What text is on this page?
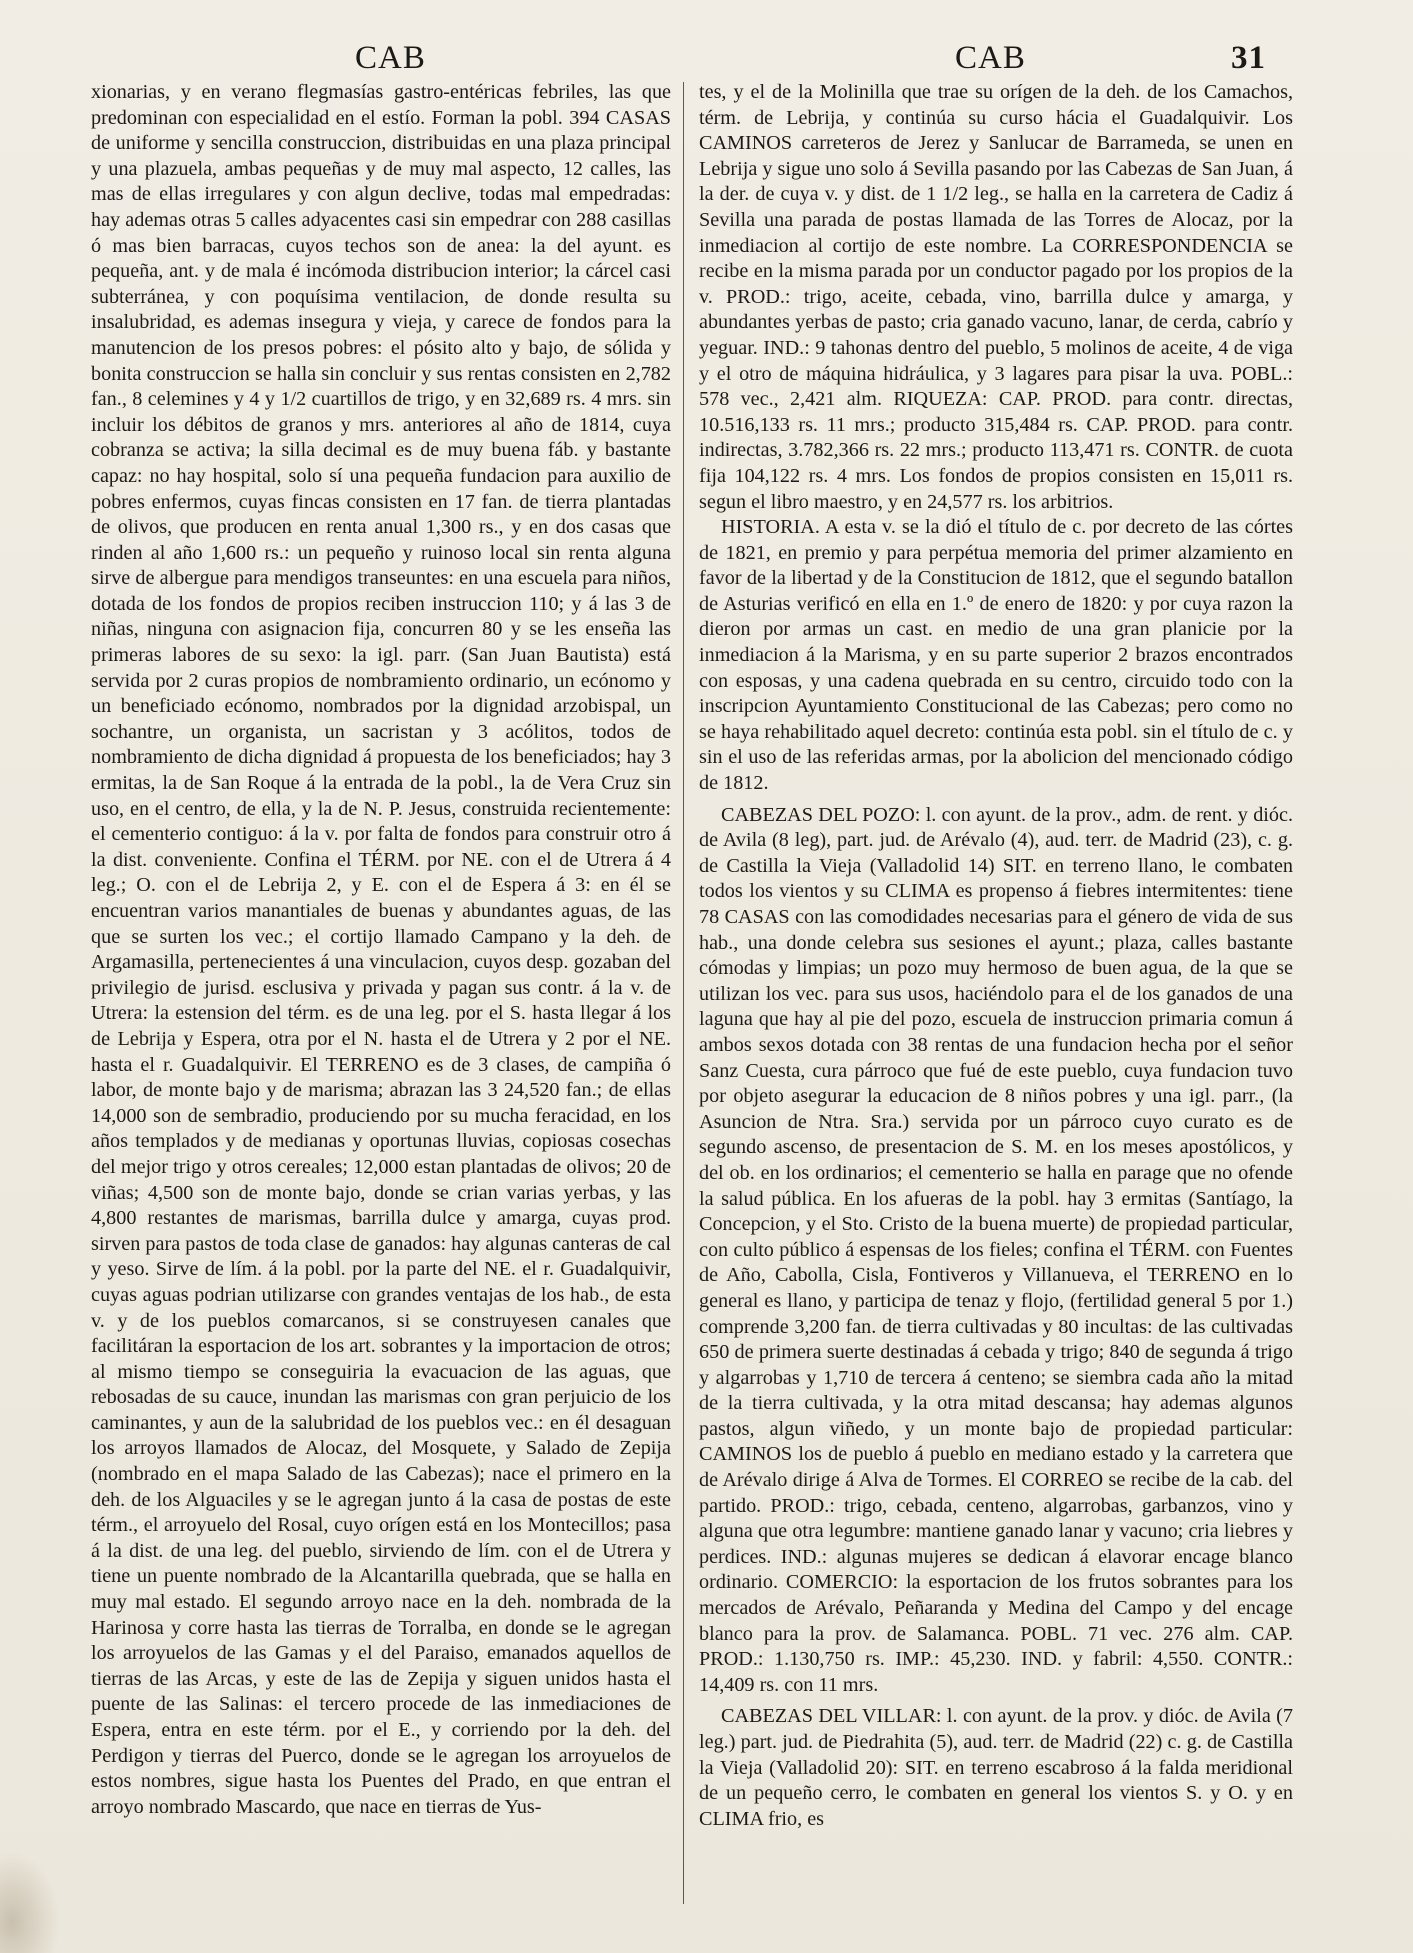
CAB	CAB	31

xionarias, y en verano flegmasías gastro-entéricas febriles, las que predominan con especialidad en el estío. Forman la pobl. 394 CASAS de uniforme y sencilla construccion, distribuidas en una plaza principal y una plazuela, ambas pequeñas y de muy mal aspecto, 12 calles, las mas de ellas irregulares y con algun declive, todas mal empedradas: hay ademas otras 5 calles adyacentes casi sin empedrar con 288 casillas ó mas bien barracas, cuyos techos son de anea: la del ayunt. es pequeña, ant. y de mala é incómoda distribucion interior; la cárcel casi subterránea, y con poquísima ventilacion, de donde resulta su insalubridad, es ademas insegura y vieja, y carece de fondos para la manutencion de los presos pobres: el pósito alto y bajo, de sólida y bonita construccion se halla sin concluir y sus rentas consisten en 2,782 fan., 8 celemines y 4 y 1/2 cuartillos de trigo, y en 32,689 rs. 4 mrs. sin incluir los débitos de granos y mrs. anteriores al año de 1814, cuya cobranza se activa; la silla decimal es de muy buena fáb. y bastante capaz: no hay hospital, solo sí una pequeña fundacion para auxilio de pobres enfermos, cuyas fincas consisten en 17 fan. de tierra plantadas de olivos, que producen en renta anual 1,300 rs., y en dos casas que rinden al año 1,600 rs.: un pequeño y ruinoso local sin renta alguna sirve de albergue para mendigos transeuntes: en una escuela para niños, dotada de los fondos de propios reciben instruccion 110; y á las 3 de niñas, ninguna con asignacion fija, concurren 80 y se les enseña las primeras labores de su sexo: la igl. parr. (San Juan Bautista) está servida por 2 curas propios de nombramiento ordinario, un ecónomo y un beneficiado ecónomo, nombrados por la dignidad arzobispal, un sochantre, un organista, un sacristan y 3 acólitos, todos de nombramiento de dicha dignidad á propuesta de los beneficiados; hay 3 ermitas, la de San Roque á la entrada de la pobl., la de Vera Cruz sin uso, en el centro, de ella, y la de N. P. Jesus, construida recientemente: el cementerio contiguo: á la v. por falta de fondos para construir otro á la dist. conveniente. Confina el TÉRM. por NE. con el de Utrera á 4 leg.; O. con el de Lebrija 2, y E. con el de Espera á 3: en él se encuentran varios manantiales de buenas y abundantes aguas, de las que se surten los vec.; el cortijo llamado Campano y la deh. de Argamasilla, pertenecientes á una vinculacion, cuyos desp. gozaban del privilegio de jurisd. esclusiva y privada y pagan sus contr. á la v. de Utrera: la estension del térm. es de una leg. por el S. hasta llegar á los de Lebrija y Espera, otra por el N. hasta el de Utrera y 2 por el NE. hasta el r. Guadalquivir. El TERRENO es de 3 clases, de campiña ó labor, de monte bajo y de marisma; abrazan las 3 24,520 fan.; de ellas 14,000 son de sembradio, produciendo por su mucha feracidad, en los años templados y de medianas y oportunas lluvias, copiosas cosechas del mejor trigo y otros cereales; 12,000 estan plantadas de olivos; 20 de viñas; 4,500 son de monte bajo, donde se crian varias yerbas, y las 4,800 restantes de marismas, barrilla dulce y amarga, cuyas prod. sirven para pastos de toda clase de ganados: hay algunas canteras de cal y yeso. Sirve de lím. á la pobl. por la parte del NE. el r. Guadalquivir, cuyas aguas podrian utilizarse con grandes ventajas de los hab., de esta v. y de los pueblos comarcanos, si se construyesen canales que facilitáran la esportacion de los art. sobrantes y la importacion de otros; al mismo tiempo se conseguiria la evacuacion de las aguas, que rebosadas de su cauce, inundan las marismas con gran perjuicio de los caminantes, y aun de la salubridad de los pueblos vec.: en él desaguan los arroyos llamados de Alocaz, del Mosquete, y Salado de Zepija (nombrado en el mapa Salado de las Cabezas); nace el primero en la deh. de los Alguaciles y se le agregan junto á la casa de postas de este térm., el arroyuelo del Rosal, cuyo orígen está en los Montecillos; pasa á la dist. de una leg. del pueblo, sirviendo de lím. con el de Utrera y tiene un puente nombrado de la Alcantarilla quebrada, que se halla en muy mal estado. El segundo arroyo nace en la deh. nombrada de la Harinosa y corre hasta las tierras de Torralba, en donde se le agregan los arroyuelos de las Gamas y el del Paraiso, emanados aquellos de tierras de las Arcas, y este de las de Zepija y siguen unidos hasta el puente de las Salinas: el tercero procede de las inmediaciones de Espera, entra en este térm. por el E., y corriendo por la deh. del Perdigon y tierras del Puerco, donde se le agregan los arroyuelos de estos nombres, sigue hasta los Puentes del Prado, en que entran el arroyo nombrado Mascardo, que nace en tierras de Yus-

tes, y el de la Molinilla que trae su orígen de la deh. de los Camachos, térm. de Lebrija, y continúa su curso hácia el Guadalquivir. Los CAMINOS carreteros de Jerez y Sanlucar de Barrameda, se unen en Lebrija y sigue uno solo á Sevilla pasando por las Cabezas de San Juan, á la der. de cuya v. y dist. de 1 1/2 leg., se halla en la carretera de Cadiz á Sevilla una parada de postas llamada de las Torres de Alocaz, por la inmediacion al cortijo de este nombre. La CORRESPONDENCIA se recibe en la misma parada por un conductor pagado por los propios de la v. PROD.: trigo, aceite, cebada, vino, barrilla dulce y amarga, y abundantes yerbas de pasto; cria ganado vacuno, lanar, de cerda, cabrío y yeguar. IND.: 9 tahonas dentro del pueblo, 5 molinos de aceite, 4 de viga y el otro de máquina hidráulica, y 3 lagares para pisar la uva. POBL.: 578 vec., 2,421 alm. RIQUEZA: CAP. PROD. para contr. directas, 10.516,133 rs. 11 mrs.; producto 315,484 rs. CAP. PROD. para contr. indirectas, 3.782,366 rs. 22 mrs.; producto 113,471 rs. CONTR. de cuota fija 104,122 rs. 4 mrs. Los fondos de propios consisten en 15,011 rs. segun el libro maestro, y en 24,577 rs. los arbitrios.

HISTORIA. A esta v. se la dió el título de c. por decreto de las córtes de 1821, en premio y para perpétua memoria del primer alzamiento en favor de la libertad y de la Constitucion de 1812, que el segundo batallon de Asturias verificó en ella en 1.º de enero de 1820: y por cuya razon la dieron por armas un cast. en medio de una gran planicie por la inmediacion á la Marisma, y en su parte superior 2 brazos encontrados con esposas, y una cadena quebrada en su centro, circuido todo con la inscripcion Ayuntamiento Constitucional de las Cabezas; pero como no se haya rehabilitado aquel decreto: continúa esta pobl. sin el título de c. y sin el uso de las referidas armas, por la abolicion del mencionado código de 1812.

CABEZAS DEL POZO: l. con ayunt. de la prov., adm. de rent. y dióc. de Avila (8 leg), part. jud. de Arévalo (4), aud. terr. de Madrid (23), c. g. de Castilla la Vieja (Valladolid 14) SIT. en terreno llano, le combaten todos los vientos y su CLIMA es propenso á fiebres intermitentes: tiene 78 CASAS con las comodidades necesarias para el género de vida de sus hab., una donde celebra sus sesiones el ayunt.; plaza, calles bastante cómodas y limpias; un pozo muy hermoso de buen agua, de la que se utilizan los vec. para sus usos, haciéndolo para el de los ganados de una laguna que hay al pie del pozo, escuela de instruccion primaria comun á ambos sexos dotada con 38 rentas de una fundacion hecha por el señor Sanz Cuesta, cura párroco que fué de este pueblo, cuya fundacion tuvo por objeto asegurar la educacion de 8 niños pobres y una igl. parr., (la Asuncion de Ntra. Sra.) servida por un párroco cuyo curato es de segundo ascenso, de presentacion de S. M. en los meses apostólicos, y del ob. en los ordinarios; el cementerio se halla en parage que no ofende la salud pública. En los afueras de la pobl. hay 3 ermitas (Santíago, la Concepcion, y el Sto. Cristo de la buena muerte) de propiedad particular, con culto público á espensas de los fieles; confina el TÉRM. con Fuentes de Año, Cabolla, Cisla, Fontiveros y Villanueva, el TERRENO en lo general es llano, y participa de tenaz y flojo, (fertilidad general 5 por 1.) comprende 3,200 fan. de tierra cultivadas y 80 incultas: de las cultivadas 650 de primera suerte destinadas á cebada y trigo; 840 de segunda á trigo y algarrobas y 1,710 de tercera á centeno; se siembra cada año la mitad de la tierra cultivada, y la otra mitad descansa; hay ademas algunos pastos, algun viñedo, y un monte bajo de propiedad particular: CAMINOS los de pueblo á pueblo en mediano estado y la carretera que de Arévalo dirige á Alva de Tormes. El CORREO se recibe de la cab. del partido. PROD.: trigo, cebada, centeno, algarrobas, garbanzos, vino y alguna que otra legumbre: mantiene ganado lanar y vacuno; cria liebres y perdices. IND.: algunas mujeres se dedican á elavorar encage blanco ordinario. COMERCIO: la esportacion de los frutos sobrantes para los mercados de Arévalo, Peñaranda y Medina del Campo y del encage blanco para la prov. de Salamanca. POBL. 71 vec. 276 alm. CAP. PROD.: 1.130,750 rs. IMP.: 45,230. IND. y fabril: 4,550. CONTR.: 14,409 rs. con 11 mrs.

CABEZAS DEL VILLAR: l. con ayunt. de la prov. y dióc. de Avila (7 leg.) part. jud. de Piedrahita (5), aud. terr. de Madrid (22) c. g. de Castilla la Vieja (Valladolid 20): SIT. en terreno escabroso á la falda meridional de un pequeño cerro, le combaten en general los vientos S. y O. y en CLIMA frio, es
